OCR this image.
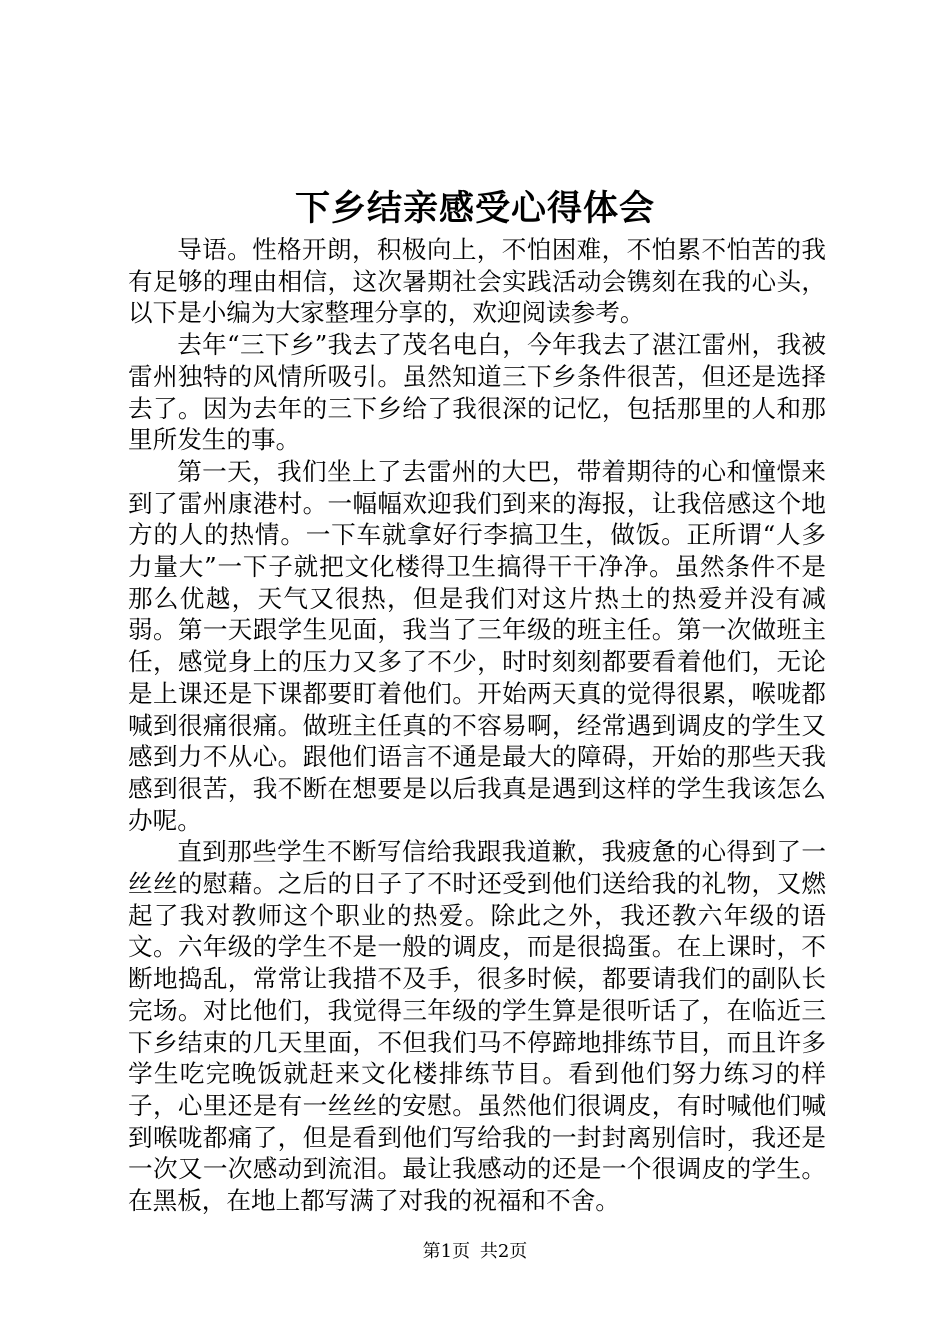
下乡结亲感受心得体会

导语。性格开朗，积极向上，不怕困难，不怕累不怕苦的我有足够的理由相信，这次暑期社会实践活动会镌刻在我的心头，以下是小编为大家整理分享的，欢迎阅读参考。

去年“三下乡”我去了茂名电白，今年我去了湛江雷州，我被雷州独特的风情所吸引。虽然知道三下乡条件很苦，但还是选择去了。因为去年的三下乡给了我很深的记忆，包括那里的人和那里所发生的事。

第一天，我们坐上了去雷州的大巴，带着期待的心和憧憬来到了雷州康港村。一幅幅欢迎我们到来的海报，让我倍感这个地方的人的热情。一下车就拿好行李搞卫生，做饭。正所谓“人多力量大”一下子就把文化楼得卫生搞得干干净净。虽然条件不是那么优越，天气又很热，但是我们对这片热土的热爱并没有减弱。第一天跟学生见面，我当了三年级的班主任。第一次做班主任，感觉身上的压力又多了不少，时时刻刻都要看着他们，无论是上课还是下课都要盯着他们。开始两天真的觉得很累，喉咙都喊到很痛很痛。做班主任真的不容易啊，经常遇到调皮的学生又感到力不从心。跟他们语言不通是最大的障碍，开始的那些天我感到很苦，我不断在想要是以后我真是遇到这样的学生我该怎么办呢。

直到那些学生不断写信给我跟我道歉，我疲惫的心得到了一丝丝的慰藉。之后的日子了不时还受到他们送给我的礼物，又燃起了我对教师这个职业的热爱。除此之外，我还教六年级的语文。六年级的学生不是一般的调皮，而是很捣蛋。在上课时，不断地捣乱，常常让我措不及手，很多时候，都要请我们的副队长完场。对比他们，我觉得三年级的学生算是很听话了，在临近三下乡结束的几天里面，不但我们马不停蹄地排练节目，而且许多学生吃完晚饭就赶来文化楼排练节目。看到他们努力练习的样子，心里还是有一丝丝的安慰。虽然他们很调皮，有时喊他们喊到喉咙都痛了，但是看到他们写给我的一封封离别信时，我还是一次又一次感动到流泪。最让我感动的还是一个很调皮的学生。在黑板，在地上都写满了对我的祝福和不舍。

第1页 共2页
